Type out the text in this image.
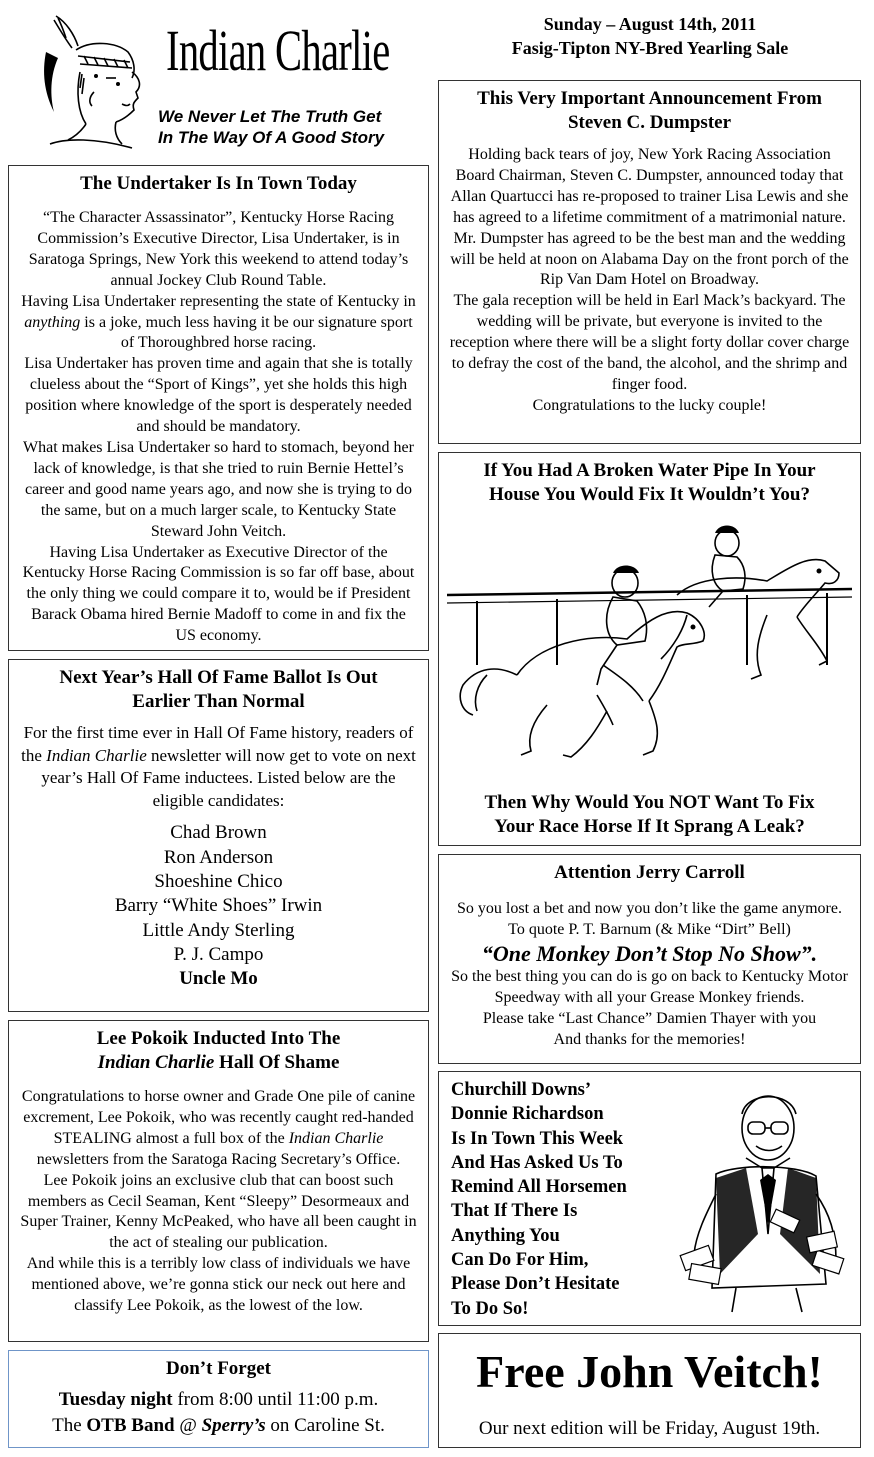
Indian Charlie
We Never Let The Truth Get
In The Way Of A Good Story
Sunday – August 14th, 2011
Fasig-Tipton NY-Bred Yearling Sale
The Undertaker Is In Town Today

“The Character Assassinator”, Kentucky Horse Racing Commission’s Executive Director, Lisa Undertaker, is in Saratoga Springs, New York this weekend to attend today’s annual Jockey Club Round Table.

Having Lisa Undertaker representing the state of Kentucky in anything is a joke, much less having it be our signature sport of Thoroughbred horse racing.

Lisa Undertaker has proven time and again that she is totally clueless about the “Sport of Kings”, yet she holds this high position where knowledge of the sport is desperately needed and should be mandatory.

What makes Lisa Undertaker so hard to stomach, beyond her lack of knowledge, is that she tried to ruin Bernie Hettel’s career and good name years ago, and now she is trying to do the same, but on a much larger scale, to Kentucky State Steward John Veitch.

Having Lisa Undertaker as Executive Director of the Kentucky Horse Racing Commission is so far off base, about the only thing we could compare it to, would be if President Barack Obama hired Bernie Madoff to come in and fix the US economy.

Next Year’s Hall Of Fame Ballot Is Out
Earlier Than Normal
For the first time ever in Hall Of Fame history, readers of the Indian Charlie newsletter will now get to vote on next year’s Hall Of Fame inductees. Listed below are the eligible candidates:
Chad Brown
Ron Anderson
Shoeshine Chico
Barry “White Shoes” Irwin
Little Andy Sterling
P. J. Campo
Uncle Mo
Lee Pokoik Inducted Into The
Indian Charlie Hall Of Shame

Congratulations to horse owner and Grade One pile of canine excrement, Lee Pokoik, who was recently caught red-handed STEALING almost a full box of the Indian Charlie newsletters from the Saratoga Racing Secretary’s Office.

Lee Pokoik joins an exclusive club that can boost such members as Cecil Seaman, Kent “Sleepy” Desormeaux and Super Trainer, Kenny McPeaked, who have all been caught in the act of stealing our publication.

And while this is a terribly low class of individuals we have mentioned above, we’re gonna stick our neck out here and classify Lee Pokoik, as the lowest of the low.

Don’t Forget
Tuesday night from 8:00 until 11:00 p.m.
The OTB Band @ Sperry’s on Caroline St.
This Very Important Announcement From
Steven C. Dumpster

Holding back tears of joy, New York Racing Association Board Chairman, Steven C. Dumpster, announced today that Allan Quartucci has re-proposed to trainer Lisa Lewis and she has agreed to a lifetime commitment of a matrimonial nature.

Mr. Dumpster has agreed to be the best man and the wedding will be held at noon on Alabama Day on the front porch of the Rip Van Dam Hotel on Broadway.

The gala reception will be held in Earl Mack’s backyard. The wedding will be private, but everyone is invited to the reception where there will be a slight forty dollar cover charge to defray the cost of the band, the alcohol, and the shrimp and finger food.

Congratulations to the lucky couple!

If You Had A Broken Water Pipe In Your
House You Would Fix It Wouldn’t You?
Then Why Would You NOT Want To Fix
Your Race Horse If It Sprang A Leak?
Attention Jerry Carroll

So you lost a bet and now you don’t like the game anymore. To quote P. T. Barnum (& Mike “Dirt” Bell)

“One Monkey Don’t Stop No Show”.

So the best thing you can do is go on back to Kentucky Motor Speedway with all your Grease Monkey friends.

Please take “Last Chance” Damien Thayer with you

And thanks for the memories!

Churchill Downs’
Donnie Richardson
Is In Town This Week
And Has Asked Us To
Remind All Horsemen
That If There Is
Anything You
Can Do For Him,
Please Don’t Hesitate
To Do So!
Free John Veitch!
Our next edition will be Friday, August 19th.
